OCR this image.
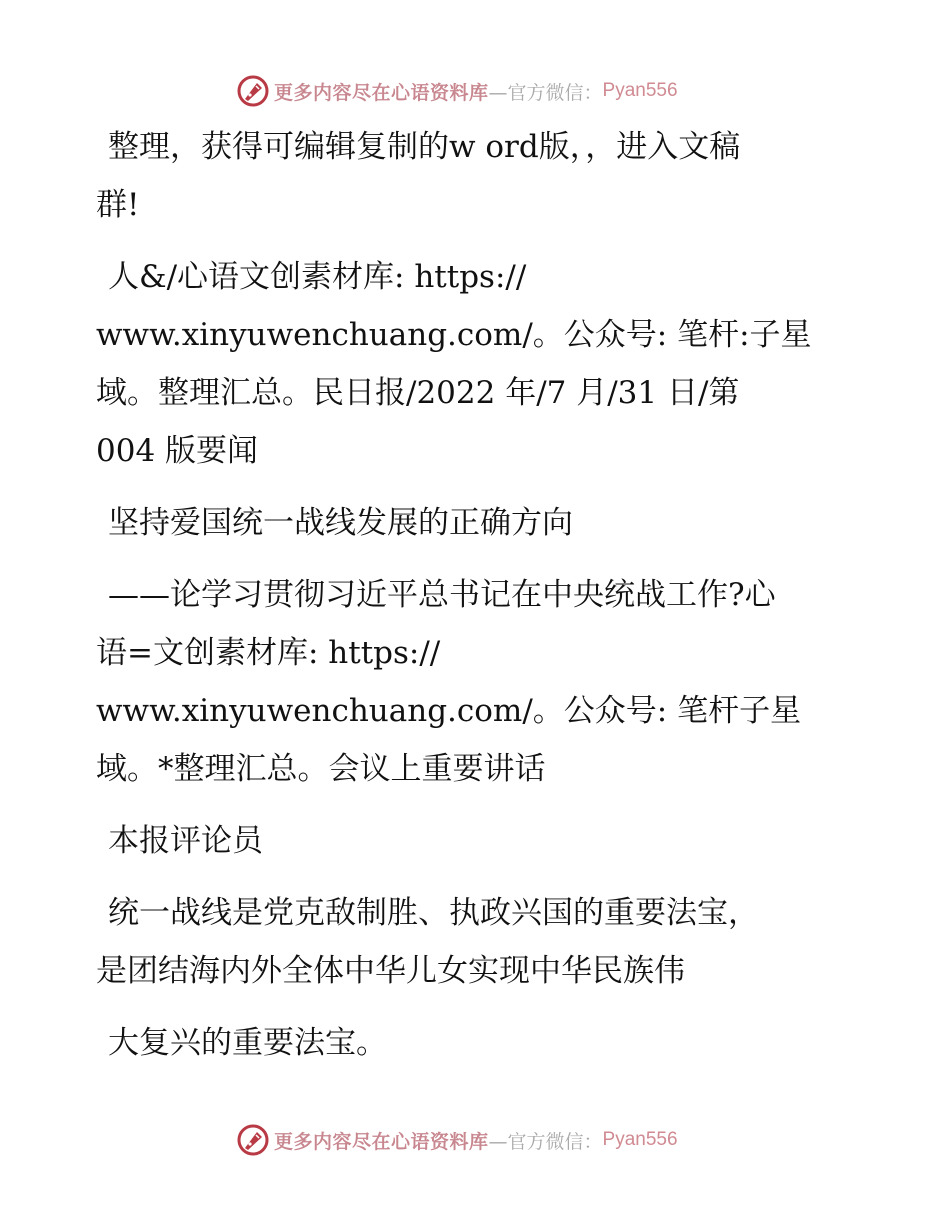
更多内容尽在心语资料库 —官方微信： Pyan556
整理，获得可编辑复制的w ord版，，进入文稿
群!
人&/心语文创素材库: https://
www.xinyuwenchuang.com/。公众号: 笔杆:子星
域。整理汇总。民日报/2022 年/7 月/31 日/第
004 版要闻
坚持爱国统一战线发展的正确方向
——论学习贯彻习近平总书记在中央统战工作?心
语=文创素材库: https://
www.xinyuwenchuang.com/。公众号: 笔杆子星
域。*整理汇总。会议上重要讲话
本报评论员
统一战线是党克敌制胜、执政兴国的重要法宝，
是团结海内外全体中华儿女实现中华民族伟
大复兴的重要法宝。
更多内容尽在心语资料库 —官方微信： Pyan556
